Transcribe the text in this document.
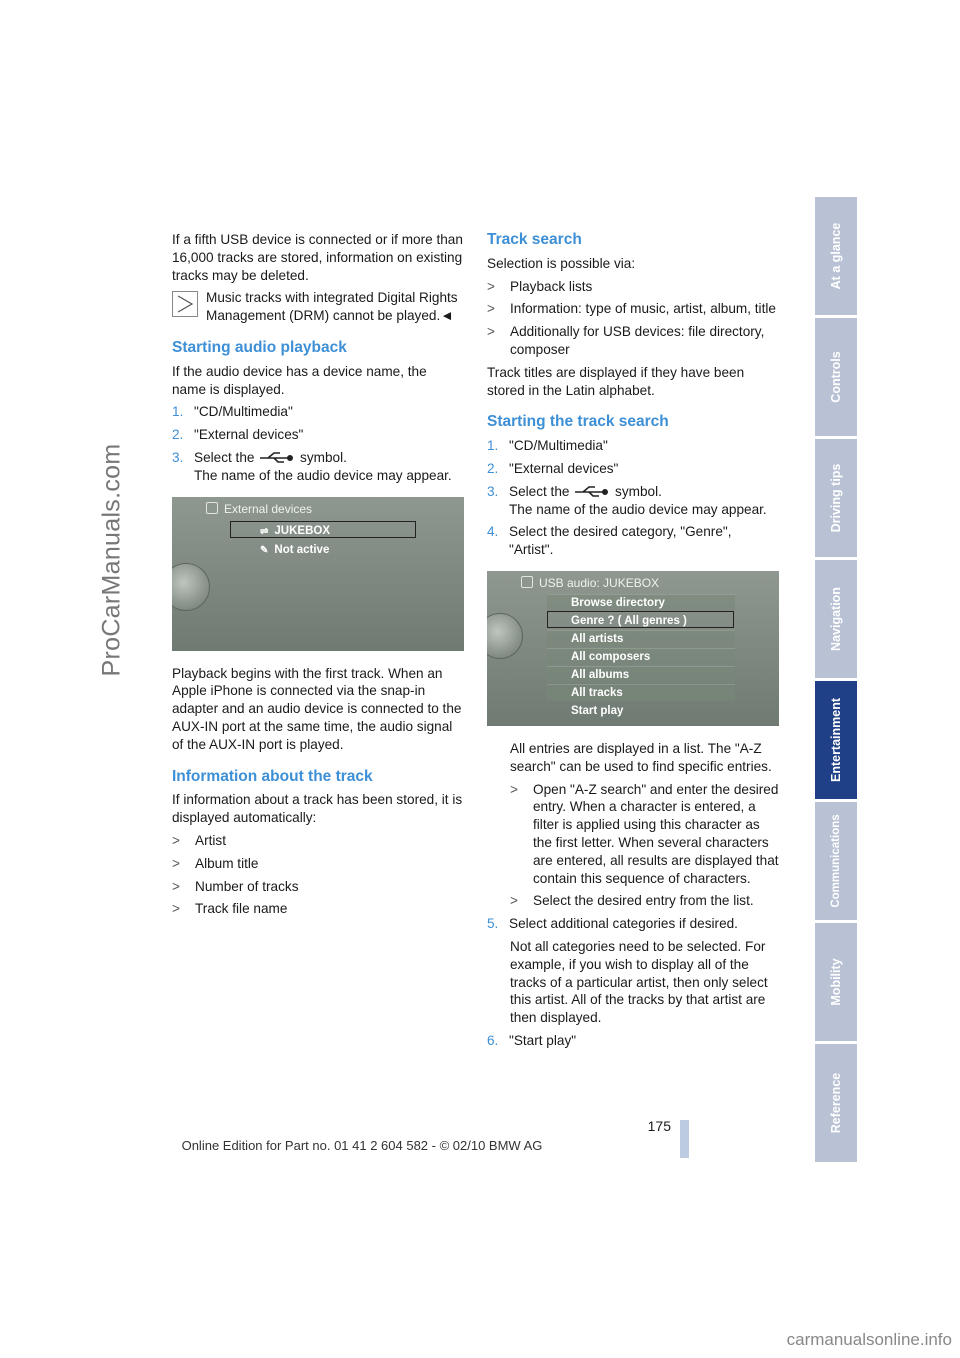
ProCarManuals.com

If a fifth USB device is connected or if more than 16,000 tracks are stored, information on existing tracks may be deleted.

Music tracks with integrated Digital Rights Management (DRM) cannot be played.◄
Starting audio playback

If the audio device has a device name, the name is displayed.

1. "CD/Multimedia"
2. "External devices"
3. Select the	symbol.
The name of the audio device may appear.
External devices
⇌ JUKEBOX
✎ Not active

Playback begins with the first track. When an Apple iPhone is connected via the snap-in adapter and an audio device is connected to the AUX-IN port at the same time, the audio signal of the AUX-IN port is played.

Information about the track

If information about a track has been stored, it is displayed automatically:

> Artist
> Album title
> Number of tracks
> Track file name
Track search

Selection is possible via:

> Playback lists
> Information: type of music, artist, album, title
> Additionally for USB devices: file directory, composer

Track titles are displayed if they have been stored in the Latin alphabet.

Starting the track search
1. "CD/Multimedia"
2. "External devices"
3. Select the	symbol.
The name of the audio device may appear.
4. Select the desired category, "Genre", "Artist".
USB audio: JUKEBOX
Browse directory
Genre ? ( All genres )
All artists
All composers
All albums
All tracks
Start play

All entries are displayed in a list. The "A-Z search" can be used to find specific entries.

> Open "A-Z search" and enter the desired entry. When a character is entered, a filter is applied using this character as the first letter. When several characters are entered, all results are displayed that contain this sequence of characters.
> Select the desired entry from the list.
5. Select additional categories if desired.

Not all categories need to be selected. For example, if you wish to display all of the tracks of a particular artist, then only select this artist. All of the tracks by that artist are then displayed.

6. "Start play"
At a glance
Controls
Driving tips
Navigation
Entertainment
Communications
Mobility
Reference
175
Online Edition for Part no. 01 41 2 604 582 - © 02/10 BMW AG
carmanualsonline.info
